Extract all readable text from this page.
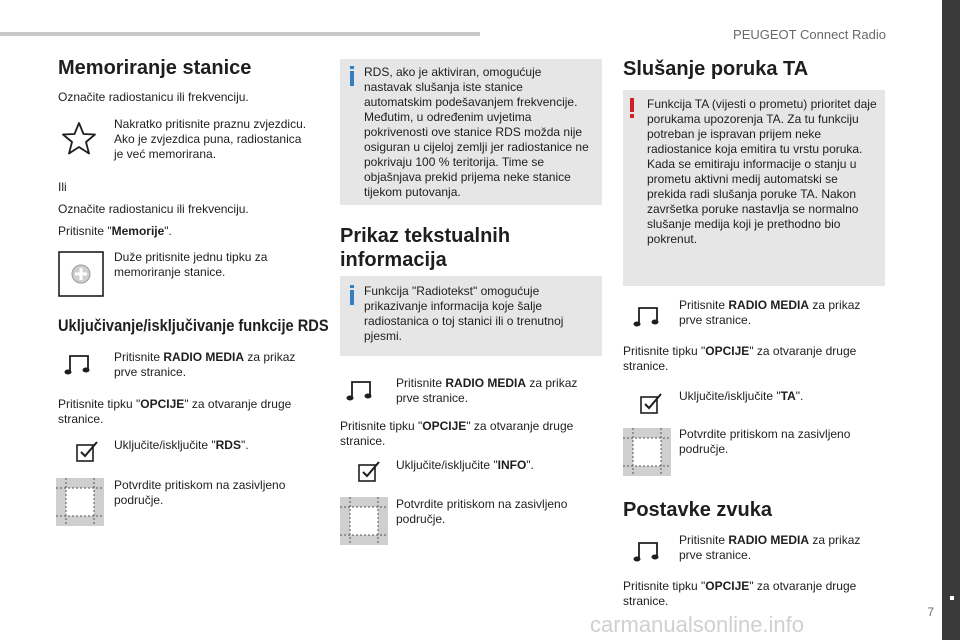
PEUGEOT Connect Radio
7
Memoriranje stanice
Označite radiostanicu ili frekvenciju.
Nakratko pritisnite praznu zvjezdicu. Ako je zvjezdica puna, radiostanica je već memorirana.
Ili
Označite radiostanicu ili frekvenciju.
Pritisnite "Memorije".
Duže pritisnite jednu tipku za memoriranje stanice.
Uključivanje/isključivanje funkcije RDS
Pritisnite RADIO MEDIA za prikaz prve stranice.
Pritisnite tipku "OPCIJE" za otvaranje druge stranice.
Uključite/isključite "RDS".
Potvrdite pritiskom na zasivljeno područje.
RDS, ako je aktiviran, omogućuje nastavak slušanja iste stanice automatskim podešavanjem frekvencije. Međutim, u određenim uvjetima pokrivenosti ove stanice RDS možda nije osiguran u cijeloj zemlji jer radiostanice ne pokrivaju 100 % teritorija. Time se objašnjava prekid prijema neke stanice tijekom putovanja.
Prikaz tekstualnih informacija
Funkcija "Radiotekst" omogućuje prikazivanje informacija koje šalje radiostanica o toj stanici ili o trenutnoj pjesmi.
Pritisnite RADIO MEDIA za prikaz prve stranice.
Pritisnite tipku "OPCIJE" za otvaranje druge stranice.
Uključite/isključite "INFO".
Potvrdite pritiskom na zasivljeno područje.
Slušanje poruka TA
Funkcija TA (vijesti o prometu) prioritet daje porukama upozorenja TA. Za tu funkciju potreban je ispravan prijem neke radiostanice koja emitira tu vrstu poruka. Kada se emitiraju informacije o stanju u prometu aktivni medij automatski se prekida radi slušanja poruke TA. Nakon završetka poruke nastavlja se normalno slušanje medija koji je prethodno bio pokrenut.
Pritisnite RADIO MEDIA za prikaz prve stranice.
Pritisnite tipku "OPCIJE" za otvaranje druge stranice.
Uključite/isključite "TA".
Potvrdite pritiskom na zasivljeno područje.
Postavke zvuka
Pritisnite RADIO MEDIA za prikaz prve stranice.
Pritisnite tipku "OPCIJE" za otvaranje druge stranice.
carmanualsonline.info
